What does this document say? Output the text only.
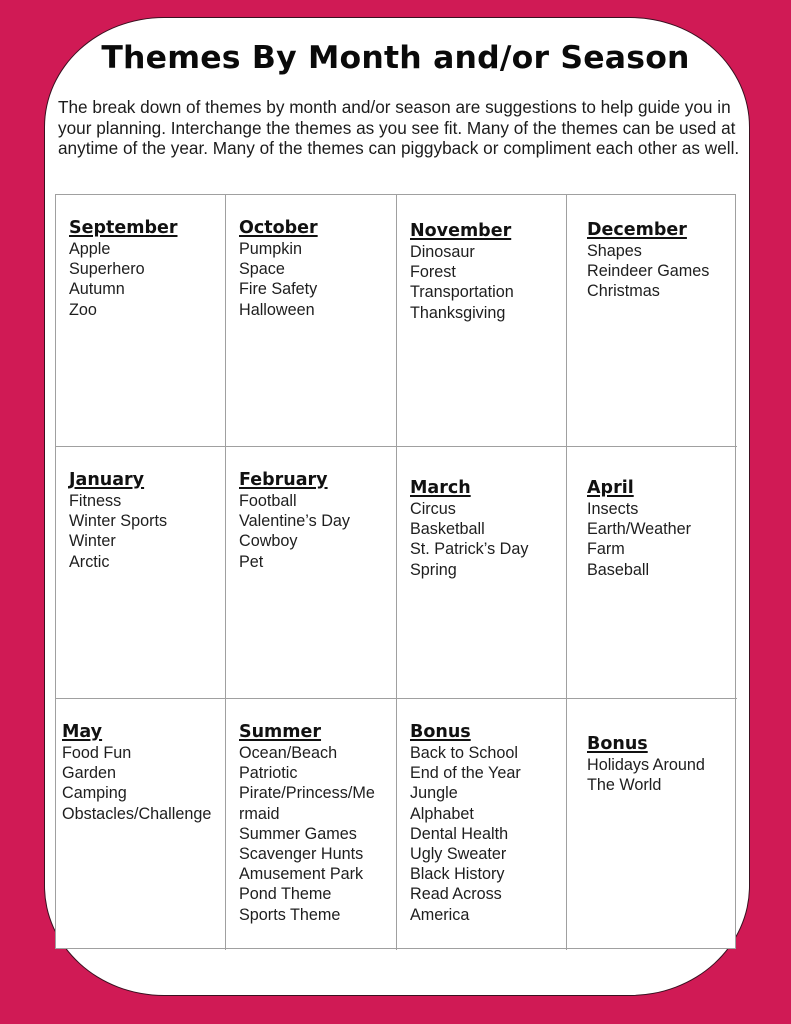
Themes By Month and/or Season

The break down of themes by month and/or season are suggestions to help guide you in your planning. Interchange the themes as you see fit. Many of the themes can be used at anytime of the year. Many of the themes can piggyback or compliment each other as well.

September
Apple
Superhero
Autumn
Zoo
October
Pumpkin
Space
Fire Safety
Halloween
November
Dinosaur
Forest
Transportation
Thanksgiving
December
Shapes
Reindeer Games
Christmas
January
Fitness
Winter Sports
Winter
Arctic
February
Football
Valentine’s Day
Cowboy
Pet
March
Circus
Basketball
St. Patrick’s Day
Spring
April
Insects
Earth/Weather
Farm
Baseball
May
Food Fun
Garden
Camping
Obstacles/Challenge
Summer
Ocean/Beach
Patriotic
Pirate/Princess/Me
rmaid
Summer Games
Scavenger Hunts
Amusement Park
Pond Theme
Sports Theme
Bonus
Back to School
End of the Year
Jungle
Alphabet
Dental Health
Ugly Sweater
Black History
Read Across
America
Bonus
Holidays Around
The World
